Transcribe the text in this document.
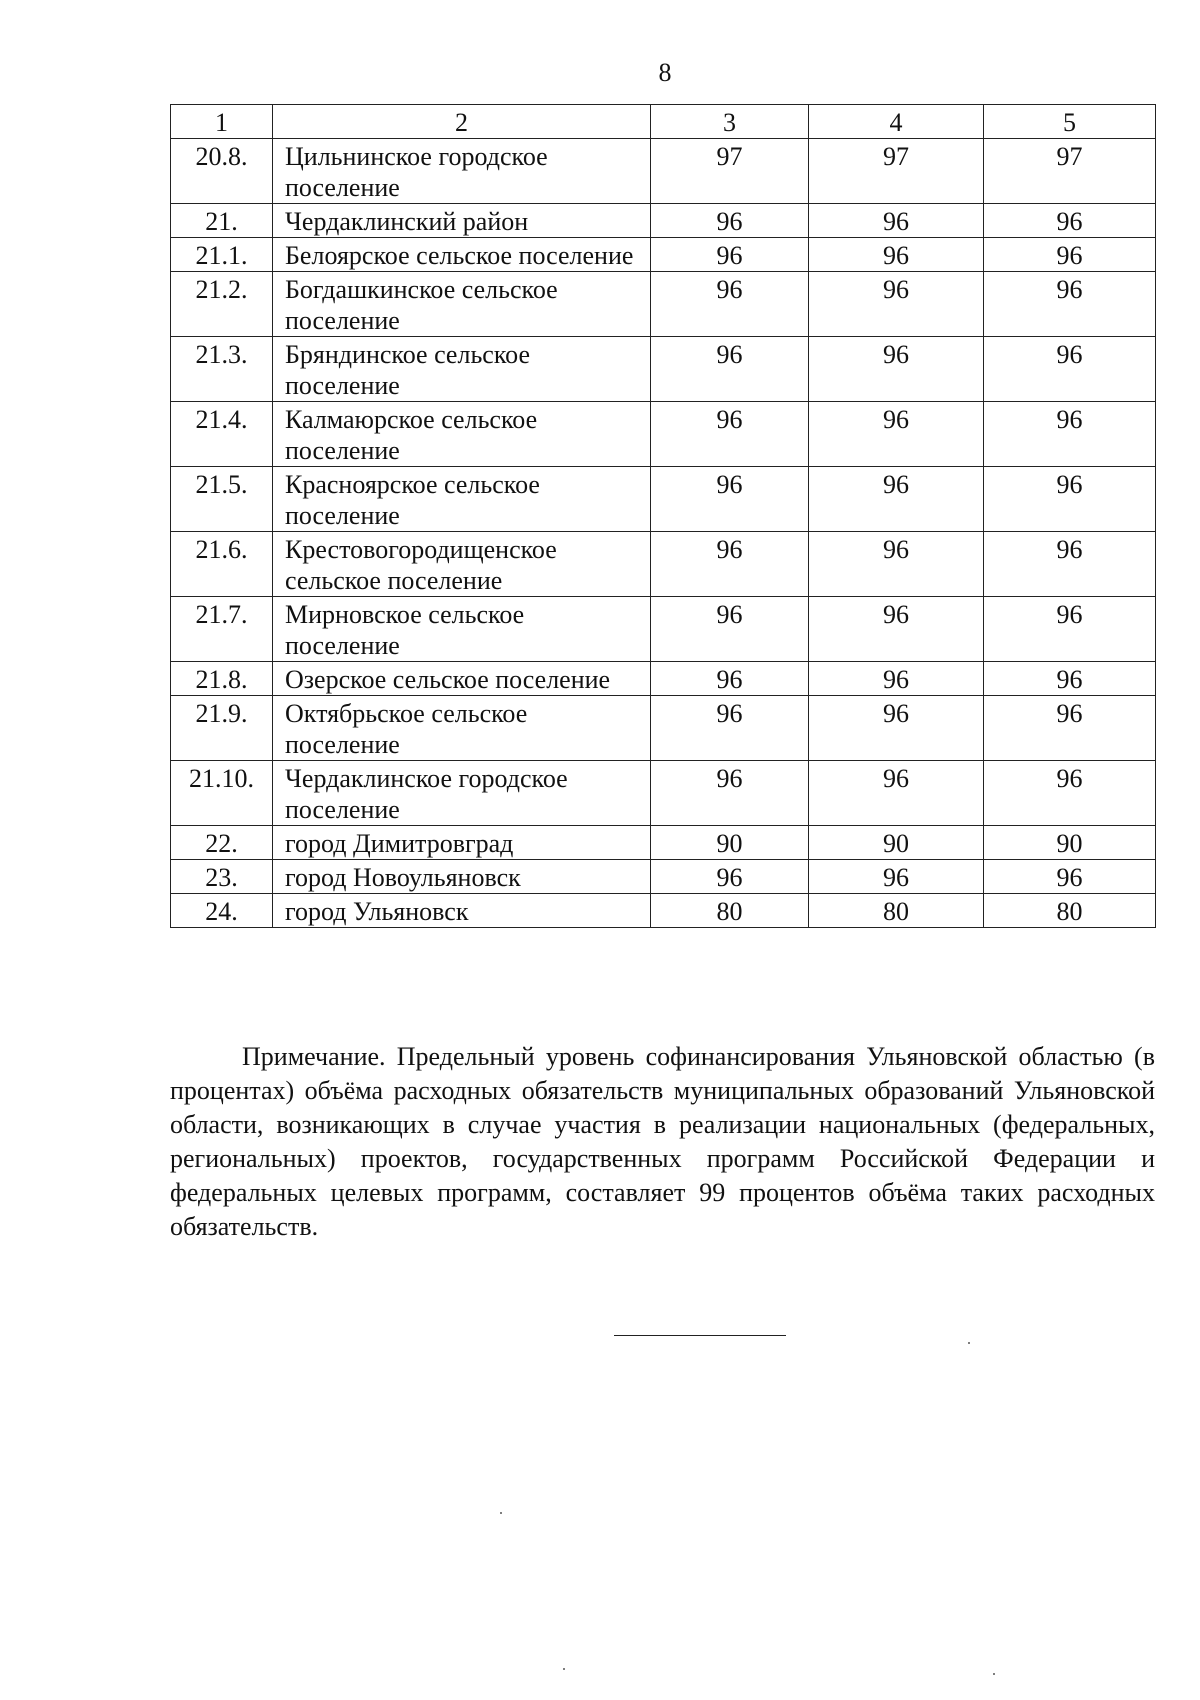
8
1	2	3	4	5
20.8.	Цильнинское городское поселение	97	97	97
21.	Чердаклинский район	96	96	96
21.1.	Белоярское сельское поселение	96	96	96
21.2.	Богдашкинское сельское поселение	96	96	96
21.3.	Бряндинское сельское поселение	96	96	96
21.4.	Калмаюрское сельское поселение	96	96	96
21.5.	Красноярское сельское поселение	96	96	96
21.6.	Крестовогородищенское сельское поселение	96	96	96
21.7.	Мирновское сельское поселение	96	96	96
21.8.	Озерское сельское поселение	96	96	96
21.9.	Октябрьское сельское поселение	96	96	96
21.10.	Чердаклинское городское поселение	96	96	96
22.	город Димитровград	90	90	90
23.	город Новоульяновск	96	96	96
24.	город Ульяновск	80	80	80
Примечание. Предельный уровень софинансирования Ульяновской областью (в процентах) объёма расходных обязательств муниципальных образований Ульяновской области, возникающих в случае участия в реализации национальных (федеральных, региональных) проектов, государственных программ Российской Федерации и федеральных целевых программ, составляет 99 процентов объёма таких расходных обязательств.
